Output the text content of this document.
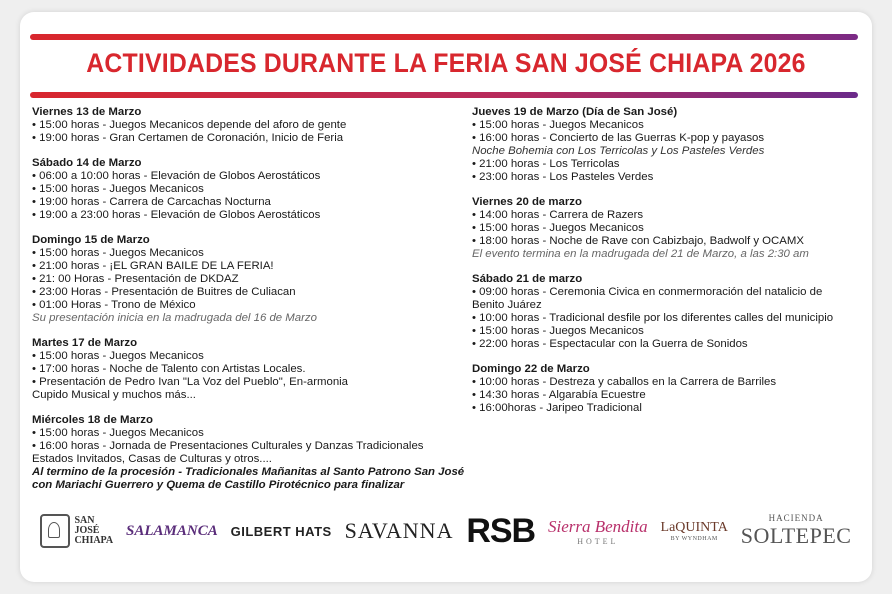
ACTIVIDADES DURANTE LA FERIA SAN JOSÉ CHIAPA 2026
Viernes 13 de Marzo
• 15:00 horas - Juegos Mecanicos depende del aforo de gente
• 19:00 horas - Gran Certamen de Coronación, Inicio de Feria
Sábado 14 de Marzo
• 06:00 a 10:00 horas - Elevación de Globos Aerostáticos
• 15:00 horas - Juegos Mecanicos
• 19:00 horas - Carrera de Carcachas Nocturna
• 19:00 a 23:00 horas - Elevación de Globos Aerostáticos
Domingo 15 de Marzo
• 15:00 horas - Juegos Mecanicos
• 21:00 horas - ¡EL GRAN BAILE DE LA FERIA!
• 21: 00 Horas - Presentación de DKDAZ
• 23:00 Horas - Presentación de Buitres de Culiacan
• 01:00 Horas - Trono de México
Su presentación inicia en la madrugada del 16 de Marzo
Martes 17 de Marzo
• 15:00 horas - Juegos Mecanicos
• 17:00 horas - Noche de Talento con Artistas Locales.
• Presentación de Pedro Ivan "La Voz del Pueblo", En-armonia
Cupido Musical y muchos más...
Miércoles 18 de Marzo
• 15:00 horas - Juegos Mecanicos
• 16:00 horas - Jornada de Presentaciones Culturales y Danzas Tradicionales
Estados Invitados, Casas de Culturas y otros....
Al termino de la procesión - Tradicionales Mañanitas al Santo Patrono San José
con Mariachi Guerrero y Quema de Castillo Pirotécnico para finalizar
Jueves 19 de Marzo (Día de San José)
• 15:00 horas - Juegos Mecanicos
• 16:00 horas - Concierto de las Guerras K-pop y payasos
Noche Bohemia con Los Terricolas y Los Pasteles Verdes
• 21:00 horas - Los Terricolas
• 23:00 horas - Los Pasteles Verdes
Viernes 20 de marzo
• 14:00 horas - Carrera de Razers
• 15:00 horas - Juegos Mecanicos
• 18:00 horas - Noche de Rave con Cabizbajo, Badwolf y OCAMX
El evento termina en la madrugada del 21 de Marzo, a las 2:30 am
Sábado 21 de marzo
• 09:00 horas - Ceremonia Civica en conmermoración del natalicio de
Benito Juárez
• 10:00 horas - Tradicional desfile por los diferentes calles del municipio
• 15:00 horas - Juegos Mecanicos
• 22:00 horas - Espectacular con la Guerra de Sonidos
Domingo 22 de Marzo
• 10:00 horas - Destreza y caballos en la Carrera de Barriles
• 14:30 horas - Algarabía Ecuestre
• 16:00horas - Jaripeo Tradicional
SAN
JOSÉ
CHIAPA
SALAMANCA GILBERT HATS SAVANNA RSB Sierra Bendita
HOTEL
LaQUINTA
BY WYNDHAM
HACIENDA
SOLTEPEC
